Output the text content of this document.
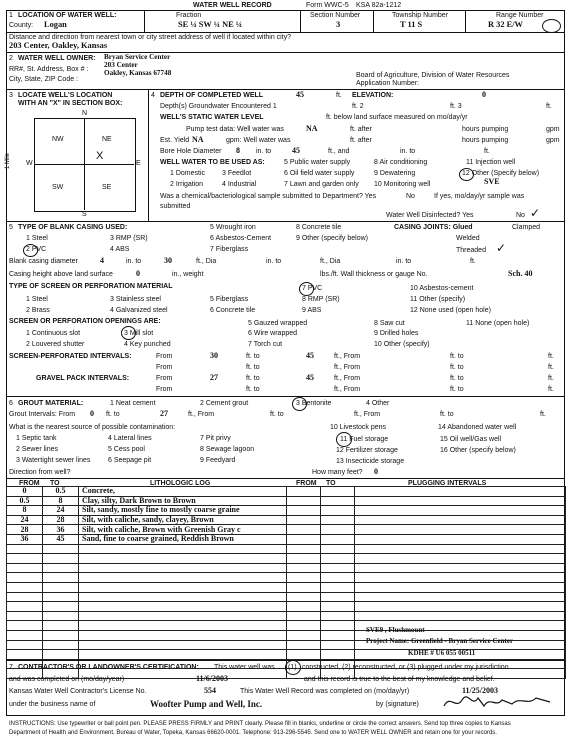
WATER WELL RECORD	Form WWC-5 KSA 82a-1212
1 LOCATION OF WATER WELL:
County: Logan
Fraction
SE ¼ SW ¼ NE ¼
Section Number
3
Township Number
T 11 S
Range Number
R 32 E/W
Distance and direction from nearest town or city street address of well if located within city?
203 Center, Oakley, Kansas
2 WATER WELL OWNER: Bryan Service Center
203 Center
Oakley, Kansas 67748
RR#, St. Address, Box # :
City, State, ZIP Code :
Board of Agriculture, Division of Water Resources
Application Number:
3 LOCATE WELL'S LOCATION
WITH AN "X" IN SECTION BOX:
N
S
W	E
1 Mile
NW	NE
SW	SE
X
4 DEPTH OF COMPLETED WELL	45	ft. ELEVATION:	0
Depth(s) Groundwater Encountered 1	ft. 2	ft. 3	ft.
WELL'S STATIC WATER LEVEL	ft. below land surface measured on mo/day/yr
Pump test data: Well water was	NA	ft. after	hours pumping	gpm
Est. Yield NA	gpm: Well water was	ft. after	hours pumping	gpm
Bore Hole Diameter 8 in. to	45	ft., and	in. to	ft.
WELL WATER TO BE USED AS:	5 Public water supply	8 Air conditioning	11 Injection well
1 Domestic 3 Feedlot	6 Oil field water supply	9 Dewatering	12 Other (Specify below)
2 Irrigation	4 Industrial	7 Lawn and garden only 10 Monitoring well	SVE
Was a chemical/bacteriological sample submitted to Department? Yes	No	If yes, mo/day/yr sample was
submitted
Water Well Disinfected? Yes	No ✓
5 TYPE OF BLANK CASING USED:	5 Wrought iron	8 Concrete tile	CASING JOINTS: Glued	Clamped
1 Steel	3 RMP (SR)	6 Asbestos-Cement	9 Other (specify below)	Welded
2 PVC	4 ABS	7 Fiberglass	Threaded ✓
Blank casing diameter	4	in. to	30	ft., Dia	in. to	ft., Dia	in. to	ft.
Casing height above land surface	0	in., weight	lbs./ft. Wall thickness or gauge No.	Sch. 40
TYPE OF SCREEN OR PERFORATION MATERIAL	7 PVC	10 Asbestos-cement
1 Steel	3 Stainless steel	5 Fiberglass	8 RMP (SR)	11 Other (specify)
2 Brass	4 Galvanized steel	6 Concrete tile	9 ABS	12 None used (open hole)
SCREEN OR PERFORATION OPENINGS ARE:	5 Gauzed wrapped	8 Saw cut	11 None (open hole)
1 Continuous slot	3 Mill slot	6 Wire wrapped	9 Drilled holes
2 Louvered shutter	4 Key punched	7 Torch cut	10 Other (specify)
SCREEN-PERFORATED INTERVALS:	From	30	ft. to	45	ft., From	ft. to	ft.
From	ft. to	ft., From	ft. to	ft.
GRAVEL PACK INTERVALS:	From	27	ft. to	45	ft., From	ft. to	ft.
From	ft. to	ft., From	ft. to	ft.
6 GROUT MATERIAL:	1 Neat cement	2 Cement grout	3 Bentonite	4 Other
Grout Intervals: From 0 ft. to	27	ft., From	ft. to	ft., From	ft. to	ft.
What is the nearest source of possible contamination:	10 Livestock pens	14 Abandoned water well
1 Septic tank	4 Lateral lines	7 Pit privy	11 Fuel storage	15 Oil well/Gas well
2 Sewer lines	5 Cess pool	8 Sewage lagoon	12 Fertilizer storage	16 Other (specify below)
3 Watertight sewer lines	6 Seepage pit	9 Feedyard	13 Insecticide storage
Direction from well?	How many feet? 0
FROM TO	LITHOLOGIC LOG	FROM TO	PLUGGING INTERVALS
0	0.5	Concrete,
0.5	8	Clay, silty, Dark Brown to Brown
8	24	Silt, sandy, mostly fine to mostly coarse graine
24	28	Silt, with caliche, sandy, clayey, Brown
28	36	Silt, with caliche, Brown with Greenish Gray c
36	45	Sand, fine to coarse grained, Reddish Brown

SVE9 , Flushmount
Project Name: Greenfield - Bryan Service Center
KDHE # U6 055 00511
7 CONTRACTOR'S OR LANDOWNER'S CERTIFICATION: This water well was (1) constructed, (2) reconstructed, or (3) plugged under my jurisdiction
and was completed on (mo/day/year)	11/6/2003	and this record is true to the best of my knowledge and belief.
Kansas Water Well Contractor's License No.	554	This Water Well Record was completed on (mo/day/yr)	11/25/2003
under the business name of	Woofter Pump and Well, Inc.	by (signature)
INSTRUCTIONS: Use typewriter or ball point pen. PLEASE PRESS FIRMLY and PRINT clearly. Please fill in blanks, underline or circle the correct answers. Send top three copies to Kansas
Department of Health and Environment, Bureau of Water, Topeka, Kansas 66620-0001. Telephone: 913-296-5545. Send one to WATER WELL OWNER and retain one for your records.
